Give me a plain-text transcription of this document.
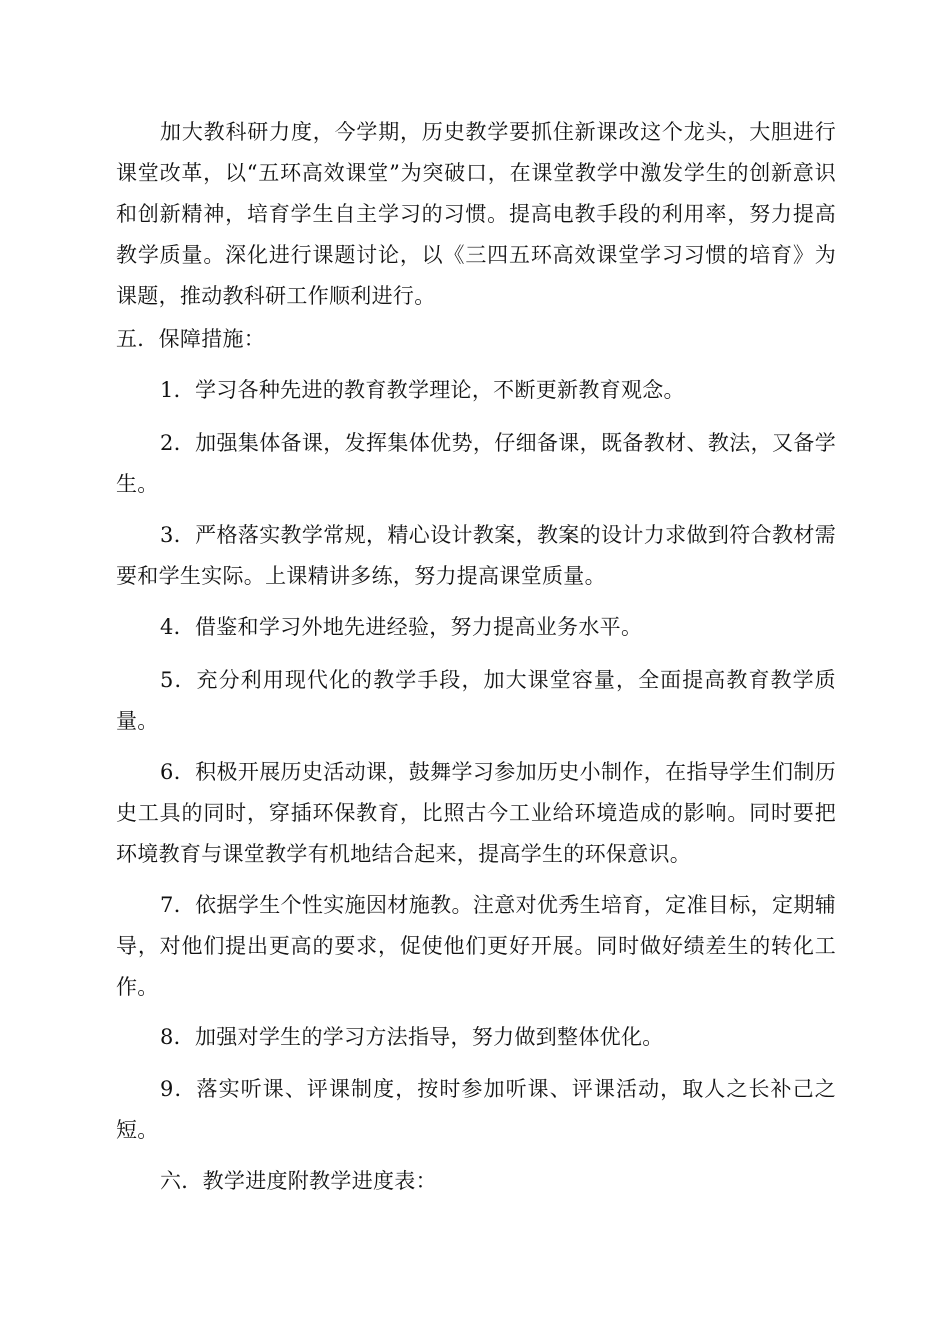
加大教科研力度，今学期，历史教学要抓住新课改这个龙头，大胆进行课堂改革，以“五环高效课堂”为突破口，在课堂教学中激发学生的创新意识和创新精神，培育学生自主学习的习惯。提高电教手段的利用率，努力提高教学质量。深化进行课题讨论，以《三四五环高效课堂学习习惯的培育》为课题，推动教科研工作顺利进行。

五．保障措施：

1．学习各种先进的教育教学理论，不断更新教育观念。

2．加强集体备课，发挥集体优势，仔细备课，既备教材、教法，又备学生。

3．严格落实教学常规，精心设计教案，教案的设计力求做到符合教材需要和学生实际。上课精讲多练，努力提高课堂质量。

4．借鉴和学习外地先进经验，努力提高业务水平。

5．充分利用现代化的教学手段，加大课堂容量，全面提高教育教学质量。

6．积极开展历史活动课，鼓舞学习参加历史小制作，在指导学生们制历史工具的同时，穿插环保教育，比照古今工业给环境造成的影响。同时要把环境教育与课堂教学有机地结合起来，提高学生的环保意识。

7．依据学生个性实施因材施教。注意对优秀生培育，定准目标，定期辅导，对他们提出更高的要求，促使他们更好开展。同时做好绩差生的转化工作。

8．加强对学生的学习方法指导，努力做到整体优化。

9．落实听课、评课制度，按时参加听课、评课活动，取人之长补己之短。

六．教学进度附教学进度表：
